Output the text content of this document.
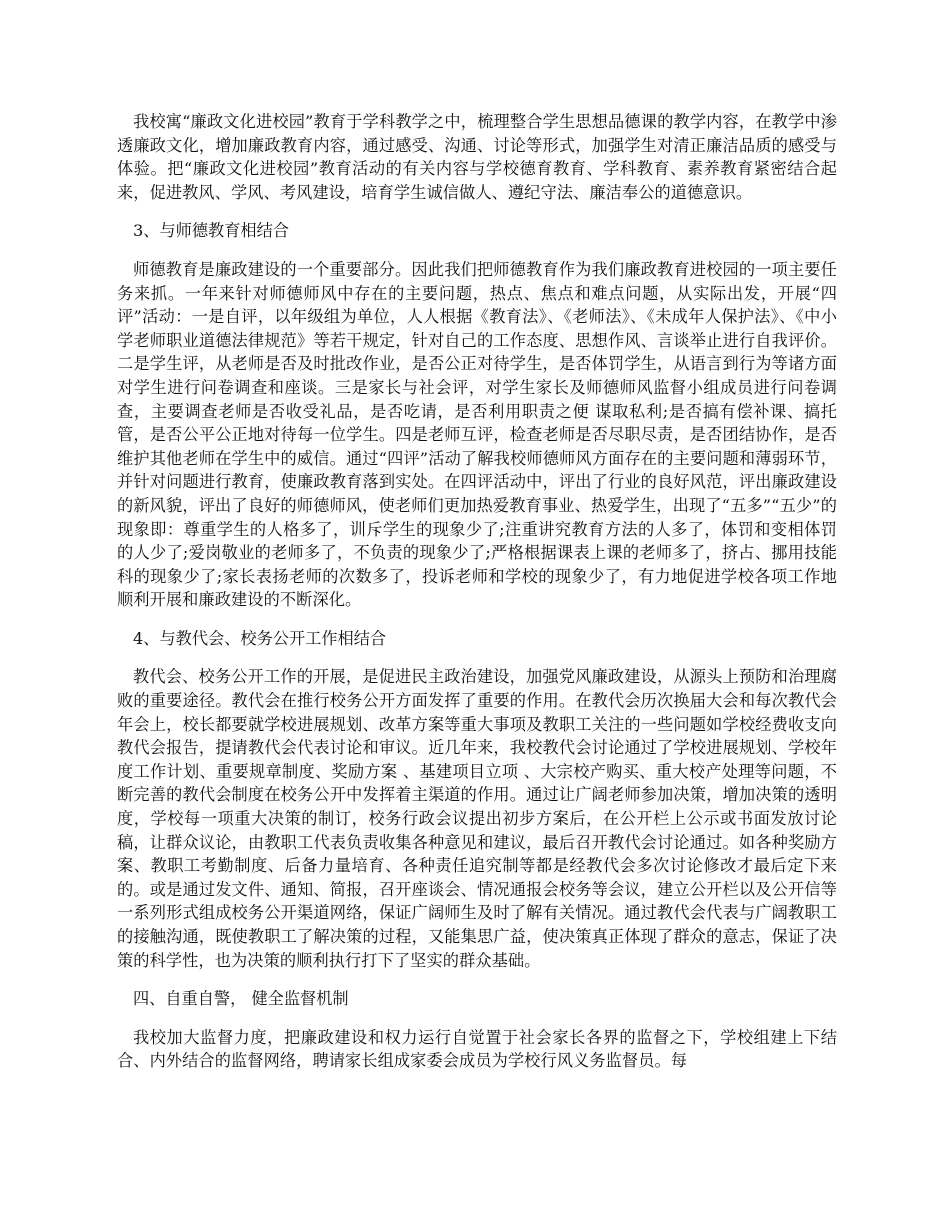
我校寓“廉政文化进校园”教育于学科教学之中，梳理整合学生思想品德课的教学内容，在教学中渗透廉政文化，增加廉政教育内容，通过感受、沟通、讨论等形式，加强学生对清正廉洁品质的感受与体验。把“廉政文化进校园”教育活动的有关内容与学校德育教育、学科教育、素养教育紧密结合起来，促进教风、学风、考风建设，培育学生诚信做人、遵纪守法、廉洁奉公的道德意识。

3、与师德教育相结合

师德教育是廉政建设的一个重要部分。因此我们把师德教育作为我们廉政教育进校园的一项主要任务来抓。一年来针对师德师风中存在的主要问题，热点、焦点和难点问题，从实际出发，开展“四评”活动：一是自评，以年级组为单位，人人根据《教育法》、《老师法》、《未成年人保护法》、《中小学老师职业道德法律规范》等若干规定，针对自己的工作态度、思想作风、言谈举止进行自我评价。二是学生评，从老师是否及时批改作业，是否公正对待学生，是否体罚学生，从语言到行为等诸方面对学生进行问卷调查和座谈。三是家长与社会评，对学生家长及师德师风监督小组成员进行问卷调查，主要调查老师是否收受礼品，是否吃请，是否利用职责之便 谋取私利;是否搞有偿补课、搞托管，是否公平公正地对待每一位学生。四是老师互评，检查老师是否尽职尽责，是否团结协作，是否维护其他老师在学生中的威信。通过“四评”活动了解我校师德师风方面存在的主要问题和薄弱环节，并针对问题进行教育，使廉政教育落到实处。在四评活动中，评出了行业的良好风范，评出廉政建设的新风貌，评出了良好的师德师风，使老师们更加热爱教育事业、热爱学生，出现了“五多”“五少”的现象即：尊重学生的人格多了，训斥学生的现象少了;注重讲究教育方法的人多了，体罚和变相体罚的人少了;爱岗敬业的老师多了，不负责的现象少了;严格根据课表上课的老师多了，挤占、挪用技能科的现象少了;家长表扬老师的次数多了，投诉老师和学校的现象少了，有力地促进学校各项工作地顺利开展和廉政建设的不断深化。

4、与教代会、校务公开工作相结合

教代会、校务公开工作的开展，是促进民主政治建设，加强党风廉政建设，从源头上预防和治理腐败的重要途径。教代会在推行校务公开方面发挥了重要的作用。在教代会历次换届大会和每次教代会年会上，校长都要就学校进展规划、改革方案等重大事项及教职工关注的一些问题如学校经费收支向教代会报告，提请教代会代表讨论和审议。近几年来，我校教代会讨论通过了学校进展规划、学校年度工作计划、重要规章制度、奖励方案 、基建项目立项 、大宗校产购买、重大校产处理等问题，不断完善的教代会制度在校务公开中发挥着主渠道的作用。通过让广阔老师参加决策，增加决策的透明度，学校每一项重大决策的制订，校务行政会议提出初步方案后，在公开栏上公示或书面发放讨论稿，让群众议论，由教职工代表负责收集各种意见和建议，最后召开教代会讨论通过。如各种奖励方案、教职工考勤制度、后备力量培育、各种责任追究制等都是经教代会多次讨论修改才最后定下来的。或是通过发文件、通知、简报，召开座谈会、情况通报会校务等会议，建立公开栏以及公开信等一系列形式组成校务公开渠道网络，保证广阔师生及时了解有关情况。通过教代会代表与广阔教职工的接触沟通，既使教职工了解决策的过程，又能集思广益，使决策真正体现了群众的意志，保证了决策的科学性，也为决策的顺利执行打下了坚实的群众基础。

四、自重自警， 健全监督机制

我校加大监督力度，把廉政建设和权力运行自觉置于社会家长各界的监督之下，学校组建上下结合、内外结合的监督网络，聘请家长组成家委会成员为学校行风义务监督员。每
